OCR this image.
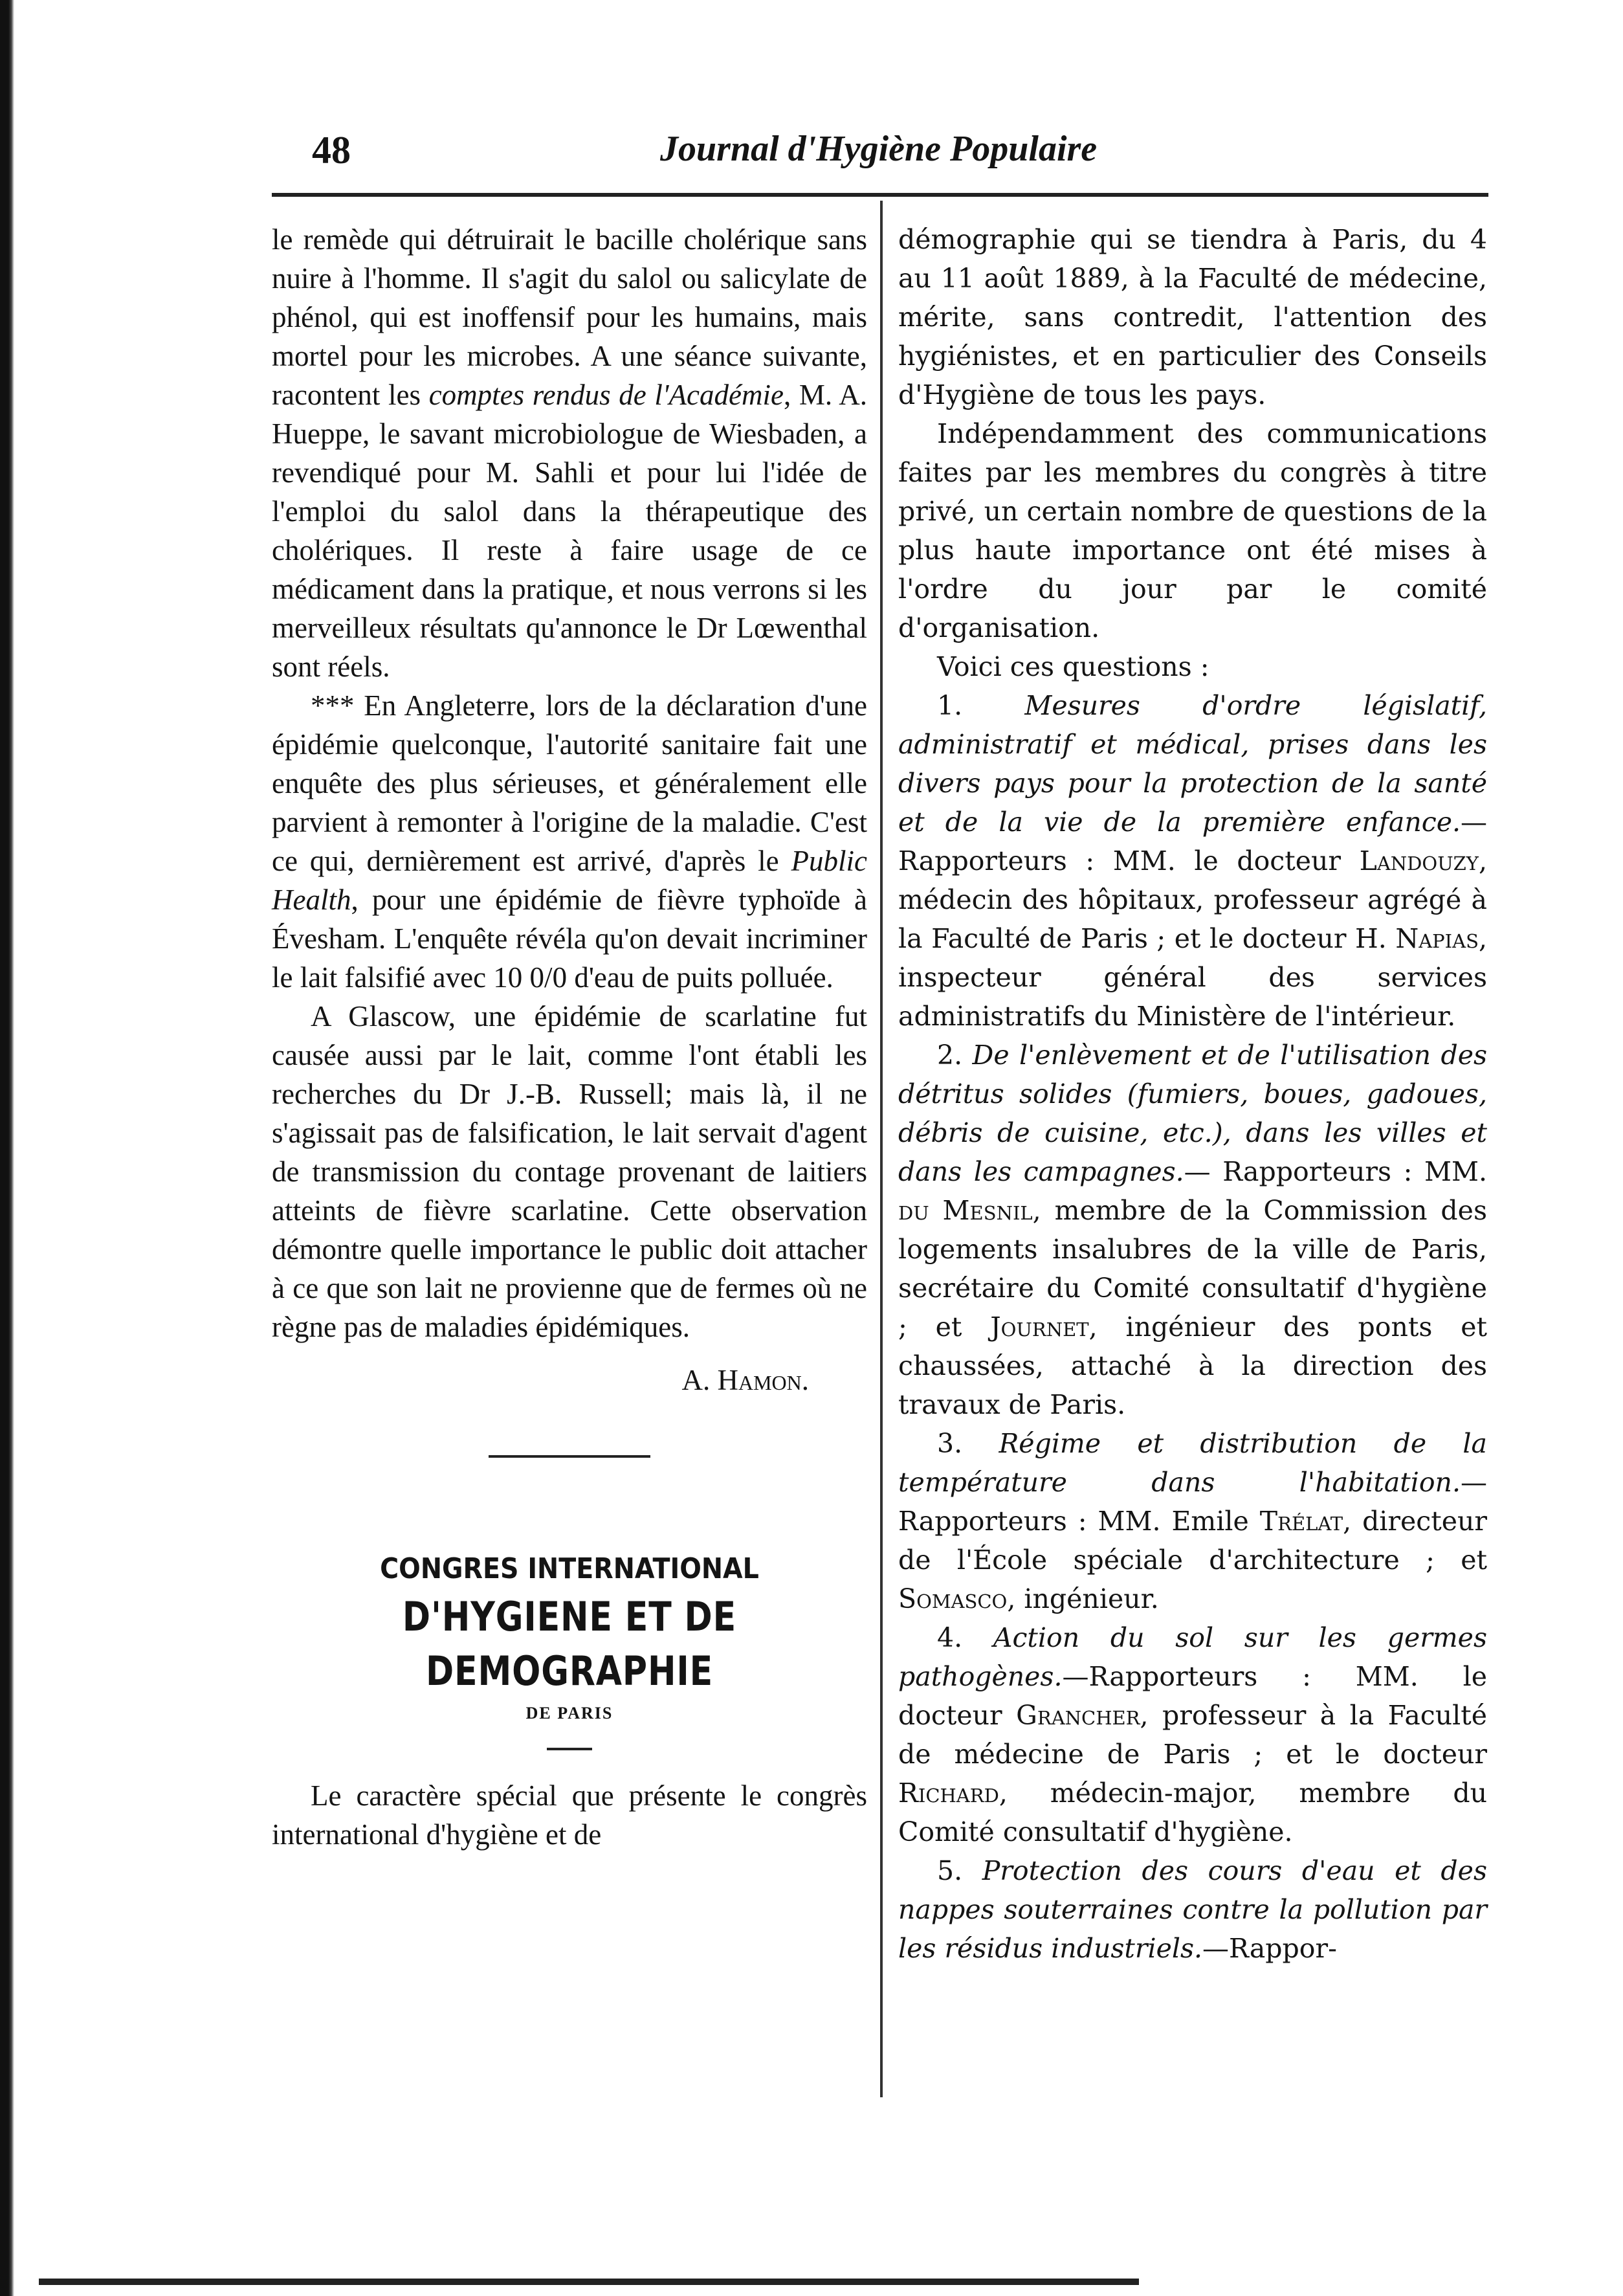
48	Journal d'Hygiène Populaire

le remède qui détruirait le bacille cholérique sans nuire à l'homme. Il s'agit du salol ou salicylate de phénol, qui est inoffensif pour les humains, mais mortel pour les microbes. A une séance suivante, racontent les comptes rendus de l'Académie, M. A. Hueppe, le savant microbiologue de Wiesbaden, a revendiqué pour M. Sahli et pour lui l'idée de l'emploi du salol dans la thérapeutique des cholériques. Il reste à faire usage de ce médicament dans la pratique, et nous verrons si les merveilleux résultats qu'annonce le Dr Lœwenthal sont réels.

*** En Angleterre, lors de la déclaration d'une épidémie quelconque, l'autorité sanitaire fait une enquête des plus sérieuses, et généralement elle parvient à remonter à l'origine de la maladie. C'est ce qui, dernièrement est arrivé, d'après le Public Health, pour une épidémie de fièvre typhoïde à Évesham. L'enquête révéla qu'on devait incriminer le lait falsifié avec 10 0/0 d'eau de puits polluée.

A Glascow, une épidémie de scarlatine fut causée aussi par le lait, comme l'ont établi les recherches du Dr J.-B. Russell; mais là, il ne s'agissait pas de falsification, le lait servait d'agent de transmission du contage provenant de laitiers atteints de fièvre scarlatine. Cette observation démontre quelle importance le public doit attacher à ce que son lait ne provienne que de fermes où ne règne pas de maladies épidémiques.

A. Hamon.

CONGRES INTERNATIONAL
D'HYGIENE ET DE DEMOGRAPHIE
DE PARIS

Le caractère spécial que présente le congrès international d'hygiène et de

démographie qui se tiendra à Paris, du 4 au 11 août 1889, à la Faculté de médecine, mérite, sans contredit, l'attention des hygiénistes, et en particulier des Conseils d'Hygiène de tous les pays.

Indépendamment des communications faites par les membres du congrès à titre privé, un certain nombre de questions de la plus haute importance ont été mises à l'ordre du jour par le comité d'organisation.

Voici ces questions :

1. Mesures d'ordre législatif, administratif et médical, prises dans les divers pays pour la protection de la santé et de la vie de la première enfance.—Rapporteurs : MM. le docteur Landouzy, médecin des hôpitaux, professeur agrégé à la Faculté de Paris ; et le docteur H. Napias, inspecteur général des services administratifs du Ministère de l'intérieur.

2. De l'enlèvement et de l'utilisation des détritus solides (fumiers, boues, gadoues, débris de cuisine, etc.), dans les villes et dans les campagnes.— Rapporteurs : MM. du Mesnil, membre de la Commission des logements insalubres de la ville de Paris, secrétaire du Comité consultatif d'hygiène ; et Journet, ingénieur des ponts et chaussées, attaché à la direction des travaux de Paris.

3. Régime et distribution de la température dans l'habitation.—Rapporteurs : MM. Emile Trélat, directeur de l'École spéciale d'architecture ; et Somasco, ingénieur.

4. Action du sol sur les germes pathogènes.—Rapporteurs : MM. le docteur Grancher, professeur à la Faculté de médecine de Paris ; et le docteur Richard, médecin-major, membre du Comité consultatif d'hygiène.

5. Protection des cours d'eau et des nappes souterraines contre la pollution par les résidus industriels.—Rappor-
